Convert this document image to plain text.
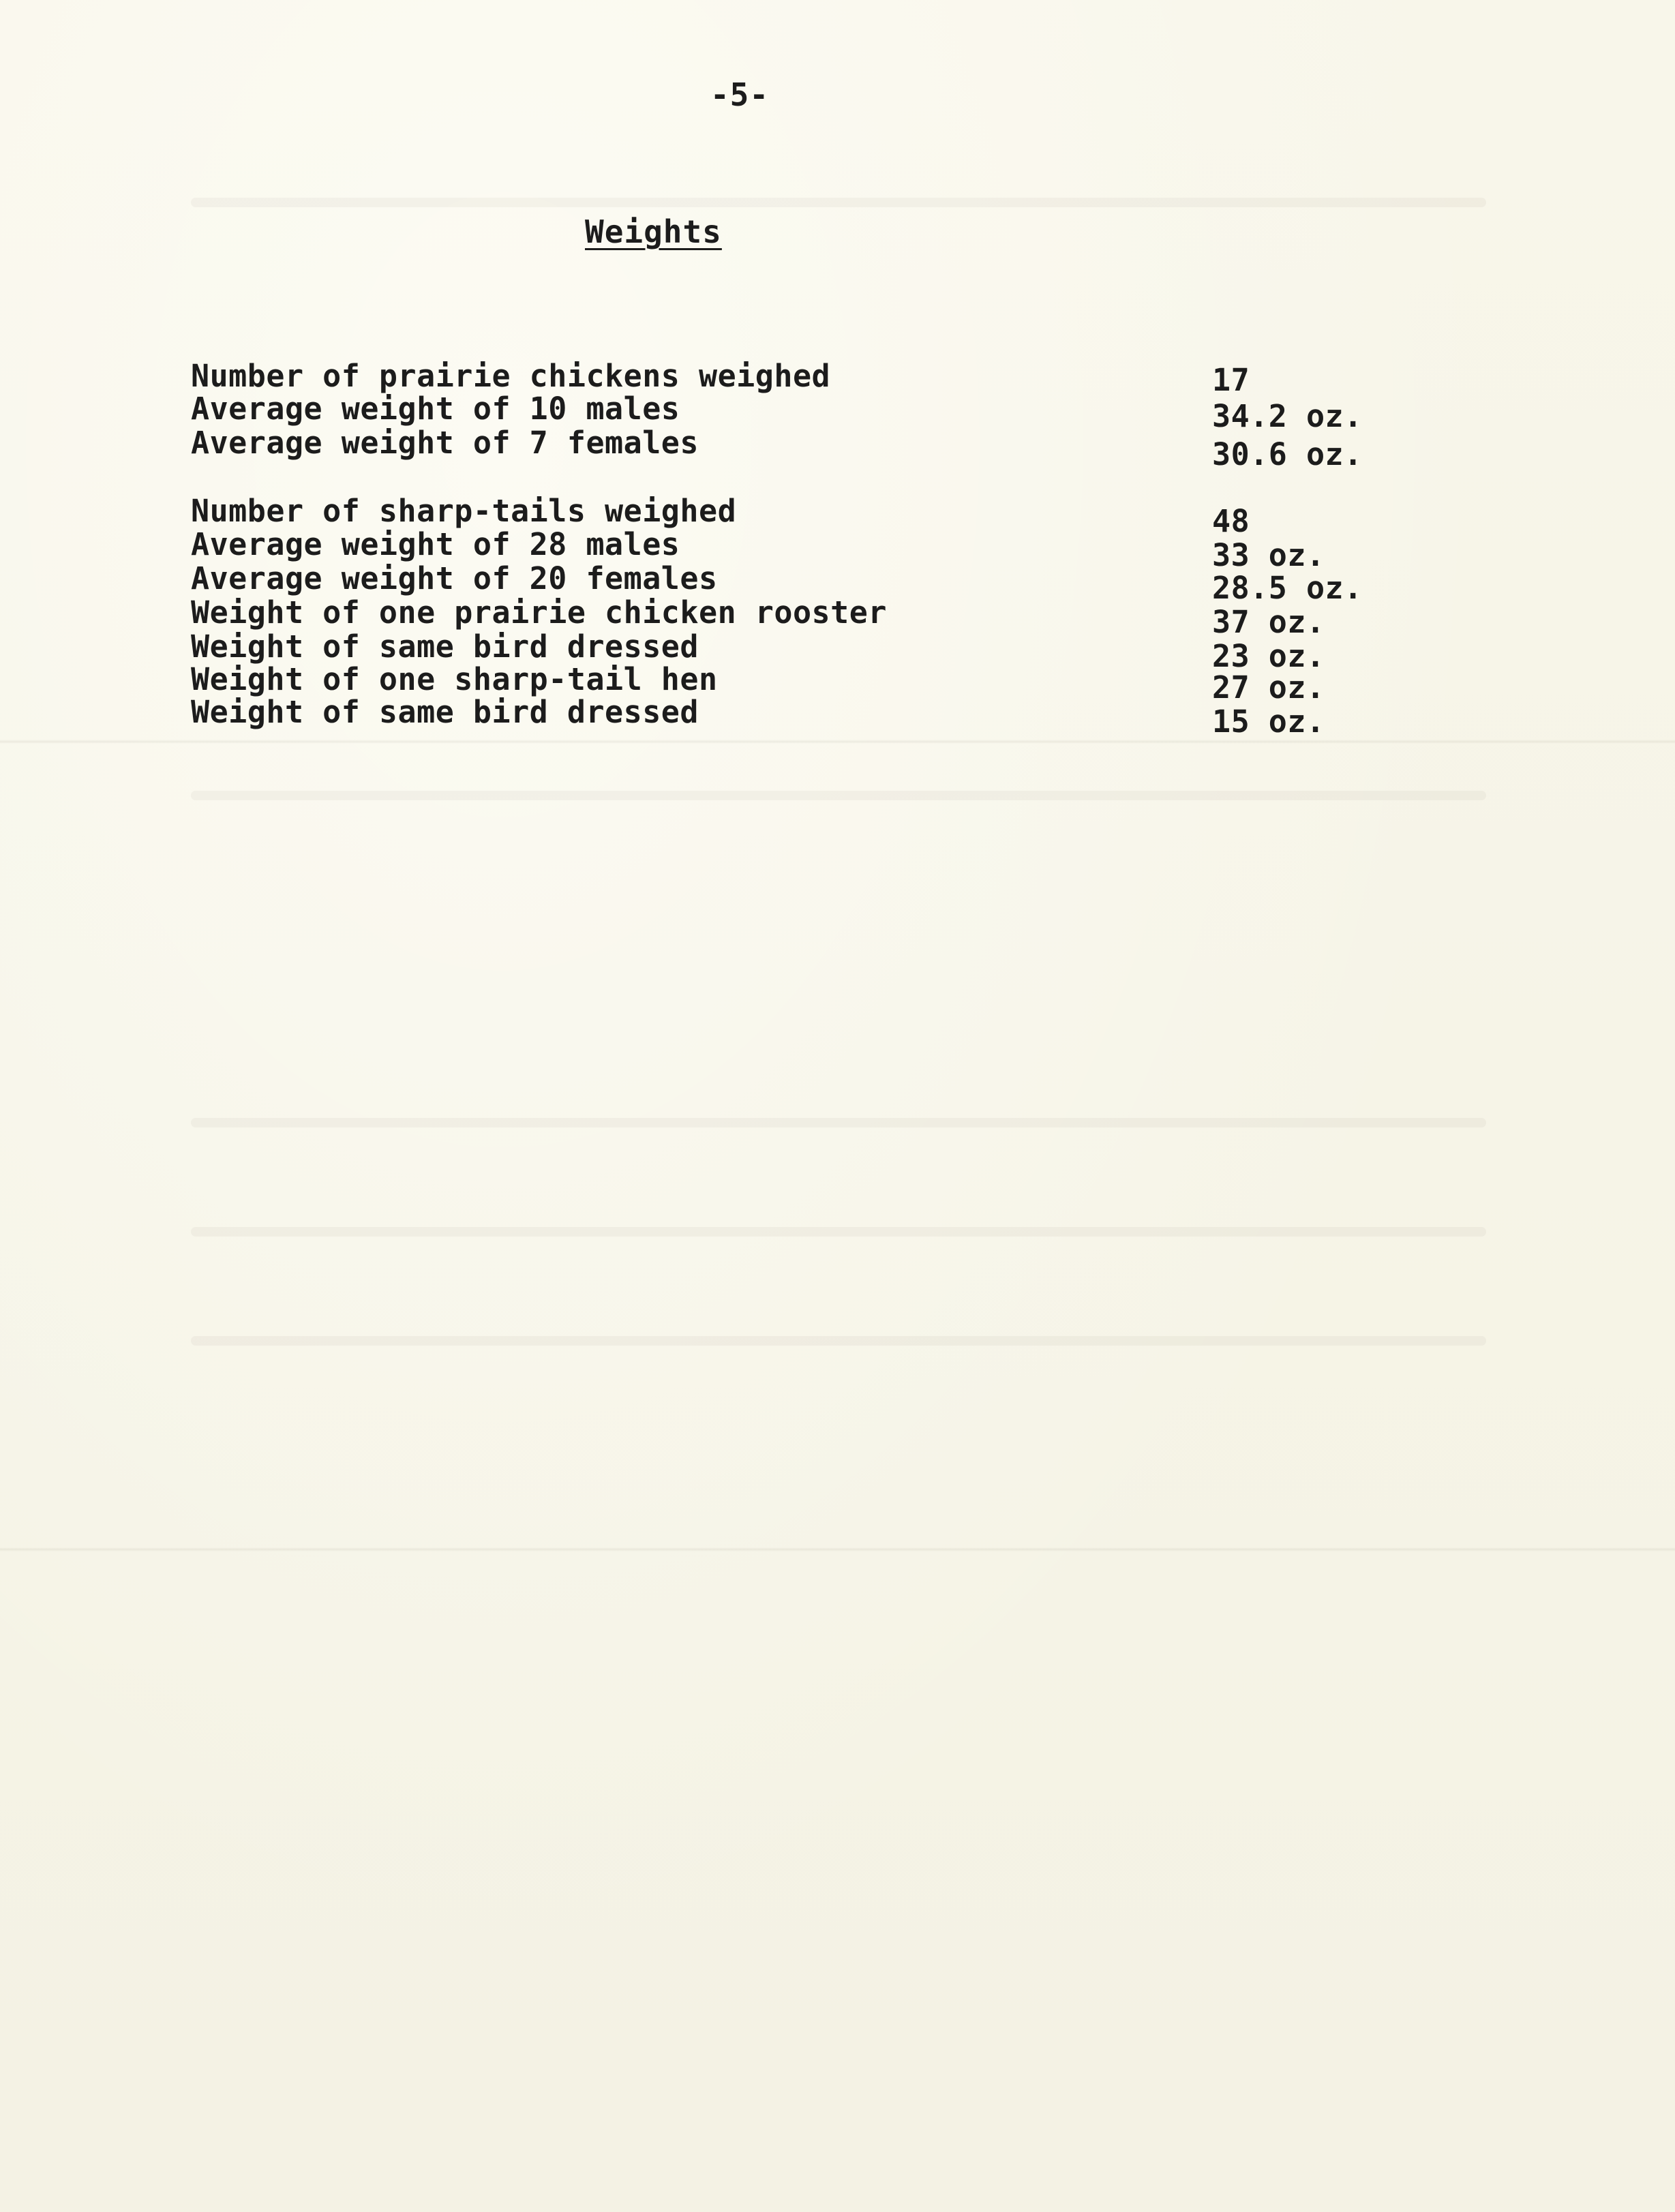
-5-
Weights
Number of prairie chickens weighed	17
Average weight of 10 males	34.2 oz.
Average weight of 7 females	30.6 oz.
Number of sharp-tails weighed	48
Average weight of 28 males	33 oz.
Average weight of 20 females	28.5 oz.
Weight of one prairie chicken rooster	37 oz.
Weight of same bird dressed	23 oz.
Weight of one sharp-tail hen	27 oz.
Weight of same bird dressed	15 oz.
